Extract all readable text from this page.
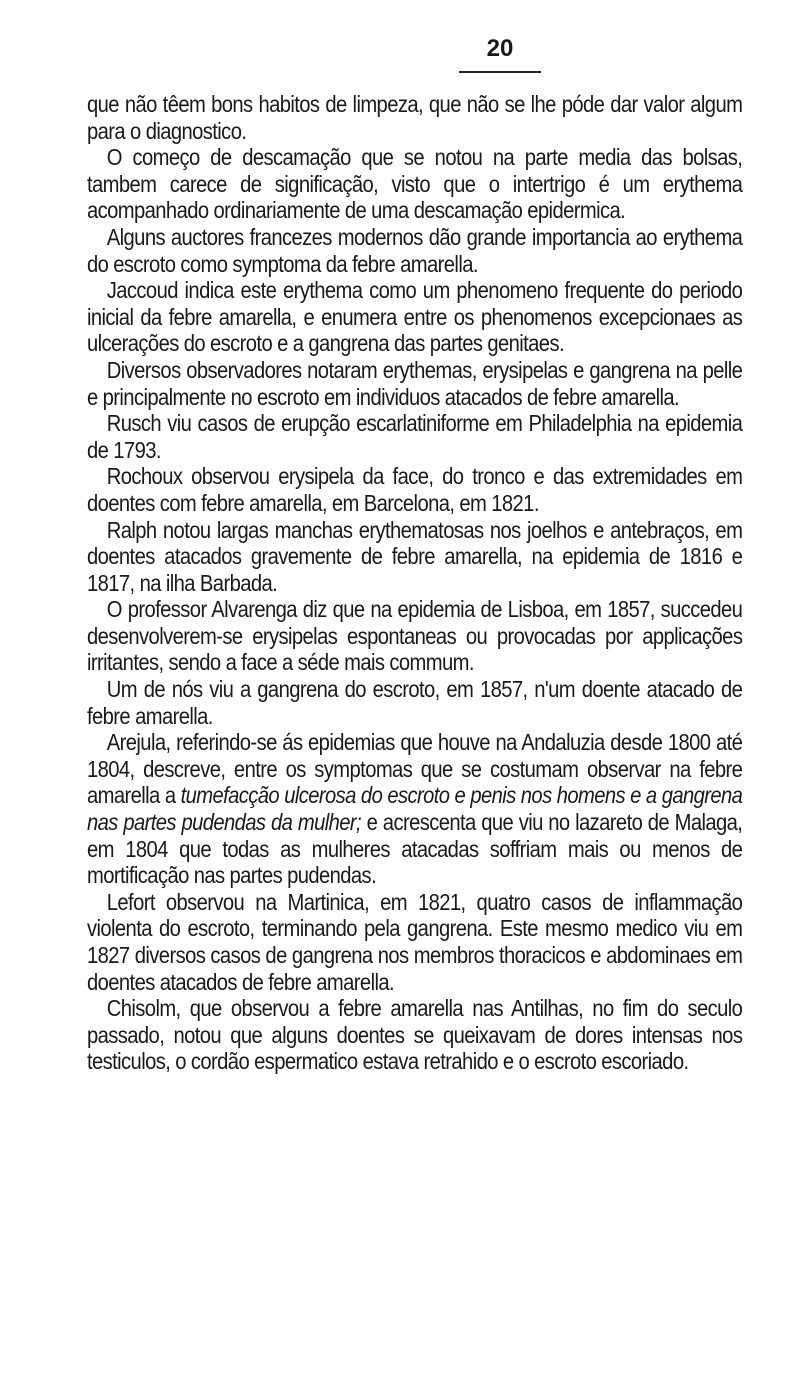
20

que não têem bons habitos de limpeza, que não se lhe póde dar valor algum para o diagnostico.

O começo de descamação que se notou na parte media das bolsas, tambem carece de significação, visto que o intertrigo é um erythema acompanhado ordinariamente de uma descamação epidermica.

Alguns auctores francezes modernos dão grande importancia ao erythema do escroto como symptoma da febre amarella.

Jaccoud indica este erythema como um phenomeno frequente do periodo inicial da febre amarella, e enumera entre os phenomenos excepcionaes as ulcerações do escroto e a gangrena das partes genitaes.

Diversos observadores notaram erythemas, erysipelas e gangrena na pelle e principalmente no escroto em individuos atacados de febre amarella.

Rusch viu casos de erupção escarlatiniforme em Philadelphia na epidemia de 1793.

Rochoux observou erysipela da face, do tronco e das extremidades em doentes com febre amarella, em Barcelona, em 1821.

Ralph notou largas manchas erythematosas nos joelhos e antebraços, em doentes atacados gravemente de febre amarella, na epidemia de 1816 e 1817, na ilha Barbada.

O professor Alvarenga diz que na epidemia de Lisboa, em 1857, succedeu desenvolverem-se erysipelas espontaneas ou provocadas por applicações irritantes, sendo a face a séde mais commum.

Um de nós viu a gangrena do escroto, em 1857, n'um doente atacado de febre amarella.

Arejula, referindo-se ás epidemias que houve na Andaluzia desde 1800 até 1804, descreve, entre os symptomas que se costumam observar na febre amarella a tumefacção ulcerosa do escroto e penis nos homens e a gangrena nas partes pudendas da mulher; e acrescenta que viu no lazareto de Malaga, em 1804 que todas as mulheres atacadas soffriam mais ou menos de mortificação nas partes pudendas.

Lefort observou na Martinica, em 1821, quatro casos de inflammação violenta do escroto, terminando pela gangrena. Este mesmo medico viu em 1827 diversos casos de gangrena nos membros thoracicos e abdominaes em doentes atacados de febre amarella.

Chisolm, que observou a febre amarella nas Antilhas, no fim do seculo passado, notou que alguns doentes se queixavam de dores intensas nos testiculos, o cordão espermatico estava retrahido e o escroto escoriado.
